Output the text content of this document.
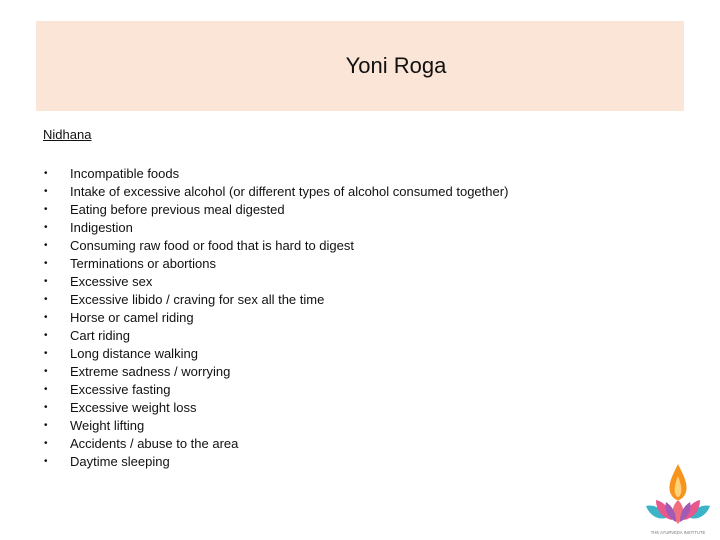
Yoni Roga
Nidhana
•	Incompatible foods
•	Intake of excessive alcohol (or different types of alcohol consumed together)
•	Eating before previous meal digested
•	Indigestion
•	Consuming raw food or food that is hard to digest
•	Terminations or abortions
•	Excessive sex
•	Excessive libido / craving for sex all the time
•	Horse or camel riding
•	Cart riding
•	Long distance walking
•	Extreme sadness / worrying
•	Excessive fasting
•	Excessive weight loss
•	Weight lifting
•	Accidents / abuse to the area
•	Daytime sleeping
THE AYURVEDA INSTITUTE
